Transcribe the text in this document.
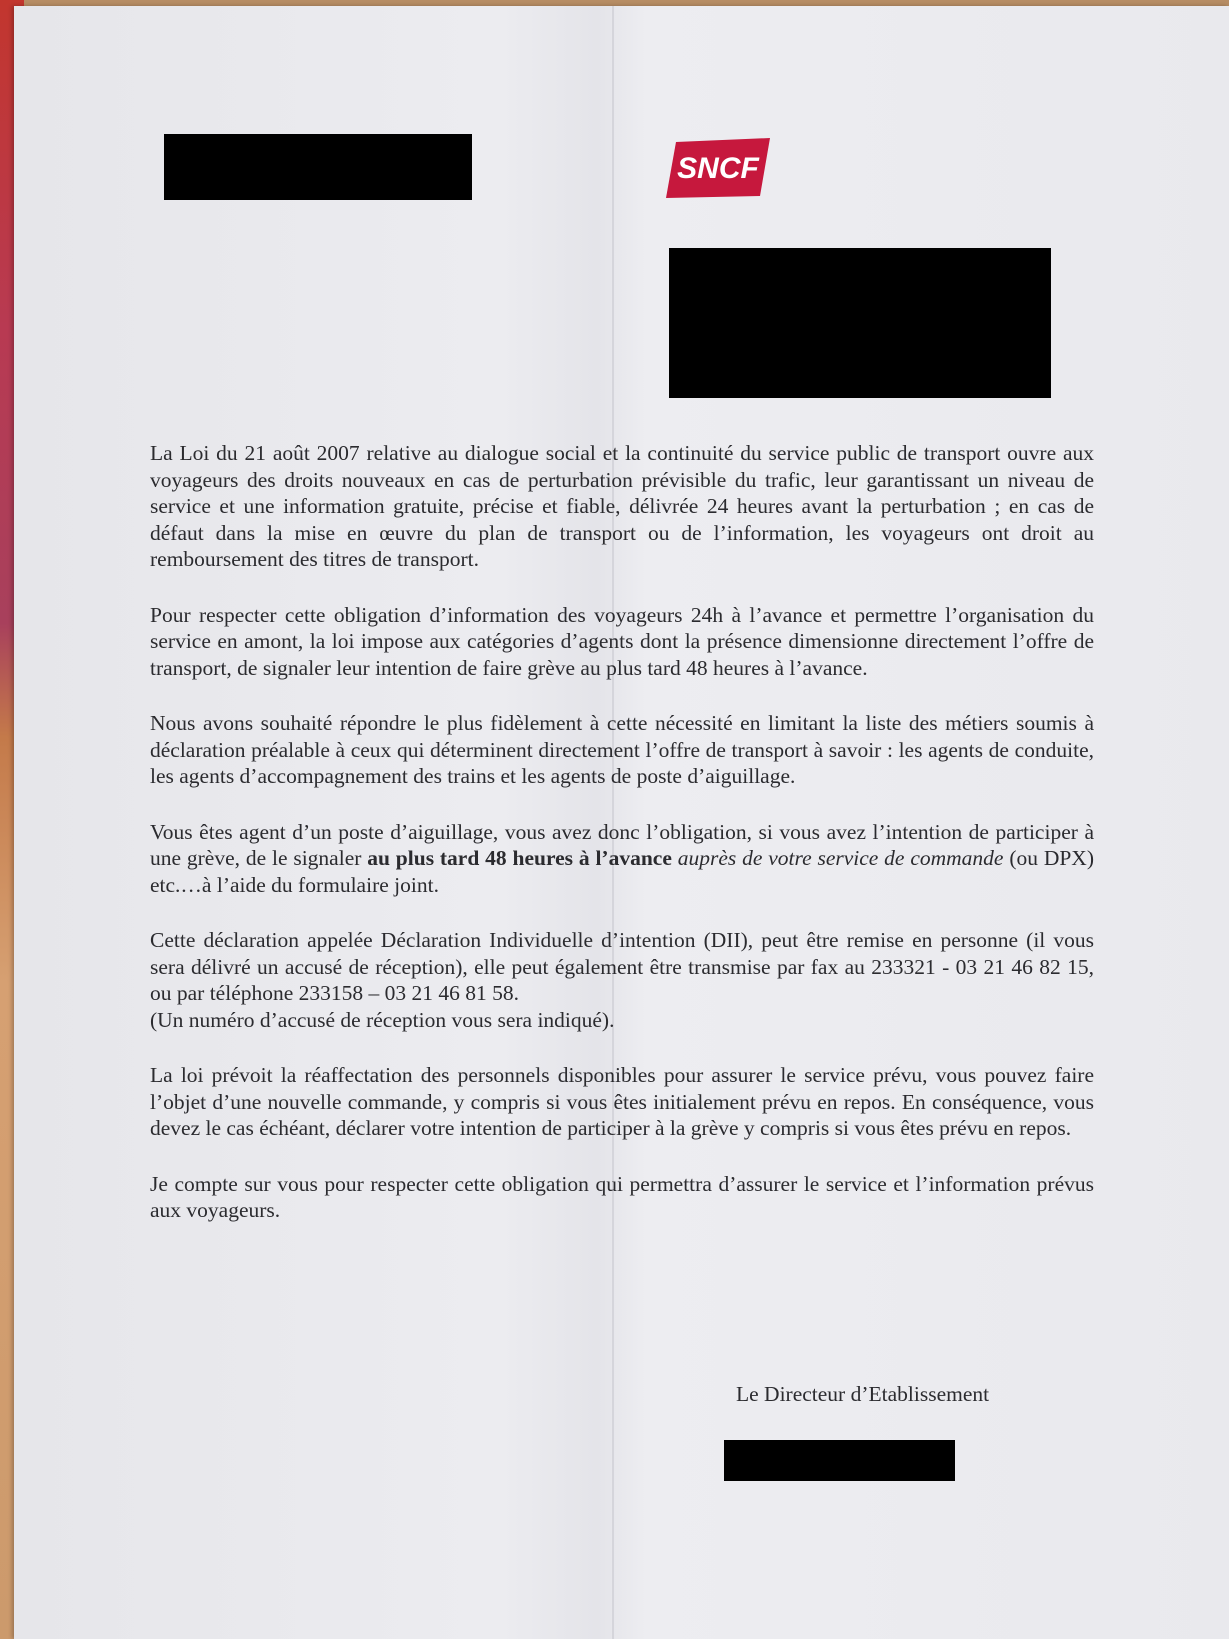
SNCF

La Loi du 21 août 2007 relative au dialogue social et la continuité du service public de transport ouvre aux voyageurs des droits nouveaux en cas de perturbation prévisible du trafic, leur garantissant un niveau de service et une information gratuite, précise et fiable, délivrée 24 heures avant la perturbation ; en cas de défaut dans la mise en œuvre du plan de transport ou de l’information, les voyageurs ont droit au remboursement des titres de transport.

Pour respecter cette obligation d’information des voyageurs 24h à l’avance et permettre l’organisation du service en amont, la loi impose aux catégories d’agents dont la présence dimensionne directement l’offre de transport, de signaler leur intention de faire grève au plus tard 48 heures à l’avance.

Nous avons souhaité répondre le plus fidèlement à cette nécessité en limitant la liste des métiers soumis à déclaration préalable à ceux qui déterminent directement l’offre de transport à savoir : les agents de conduite, les agents d’accompagnement des trains et les agents de poste d’aiguillage.

Vous êtes agent d’un poste d’aiguillage, vous avez donc l’obligation, si vous avez l’intention de participer à une grève, de le signaler au plus tard 48 heures à l’avance auprès de votre service de commande (ou DPX) etc.…à l’aide du formulaire joint.

Cette déclaration appelée Déclaration Individuelle d’intention (DII), peut être remise en personne (il vous sera délivré un accusé de réception), elle peut également être transmise par fax au 233321 - 03 21 46 82 15, ou par téléphone 233158 – 03 21 46 81 58.
(Un numéro d’accusé de réception vous sera indiqué).

La loi prévoit la réaffectation des personnels disponibles pour assurer le service prévu, vous pouvez faire l’objet d’une nouvelle commande, y compris si vous êtes initialement prévu en repos. En conséquence, vous devez le cas échéant, déclarer votre intention de participer à la grève y compris si vous êtes prévu en repos.

Je compte sur vous pour respecter cette obligation qui permettra d’assurer le service et l’information prévus aux voyageurs.

Le Directeur d’Etablissement
